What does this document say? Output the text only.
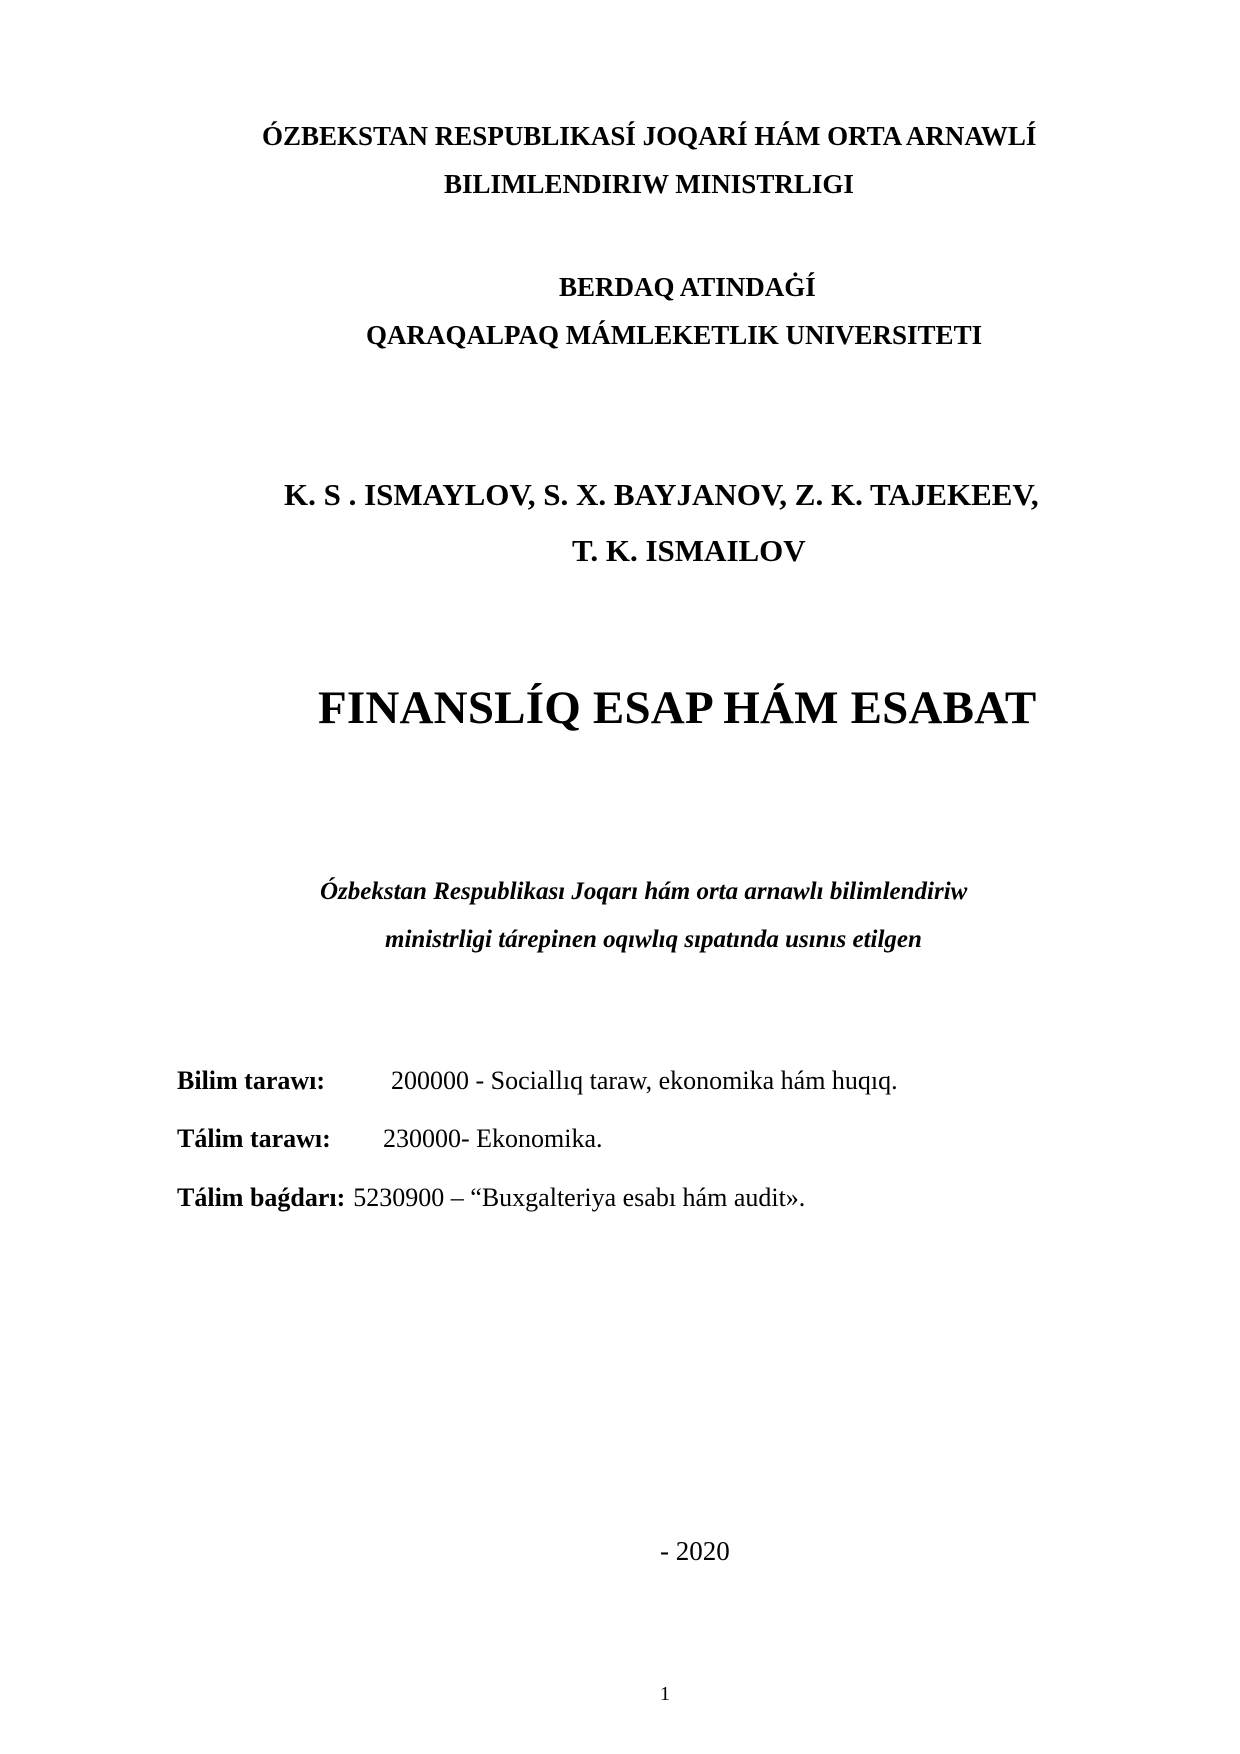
ÓZBEKSTAN RESPUBLIKASÍ JOQARÍ HÁM ORTA ARNAWLÍ
BILIMLENDIRIW MINISTRLIGI
BERDAQ ATINDAĠÍ
QARAQALPAQ MÁMLEKETLIK UNIVERSITETI
K. S . ISMAYLOV, S. X. BAYJANOV, Z. K. TAJEKEEV,
T. K. ISMAILOV
FINANSLÍQ ESAP HÁM ESABAT
Ózbekstan Respublikası Joqarı hám orta arnawlı bilimlendiriw
ministrligi tárepinen oqıwlıq sıpatında usınıs etilgen
Bilim tarawı:	200000 - Sociallıq taraw, ekonomika hám huqıq.
Tálim tarawı: 230000- Ekonomika.
Tálim baǵdarı: 5230900 – “Buxgalteriya esabı hám audit».
- 2020
1
